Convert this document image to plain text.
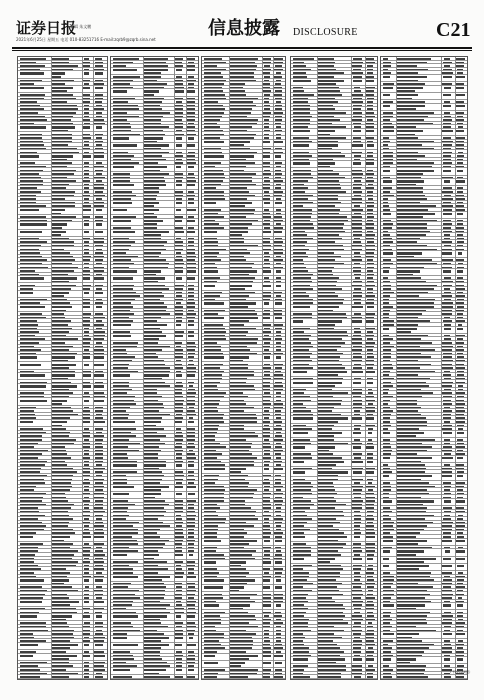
证券日报
编辑 朱文鹏
2021年6月25日 星期五 电话 010-83251716 E-mail:zqrb9@zqrb.sina.net
信息披露 DISCLOSURE	C21
（下转C22版）
